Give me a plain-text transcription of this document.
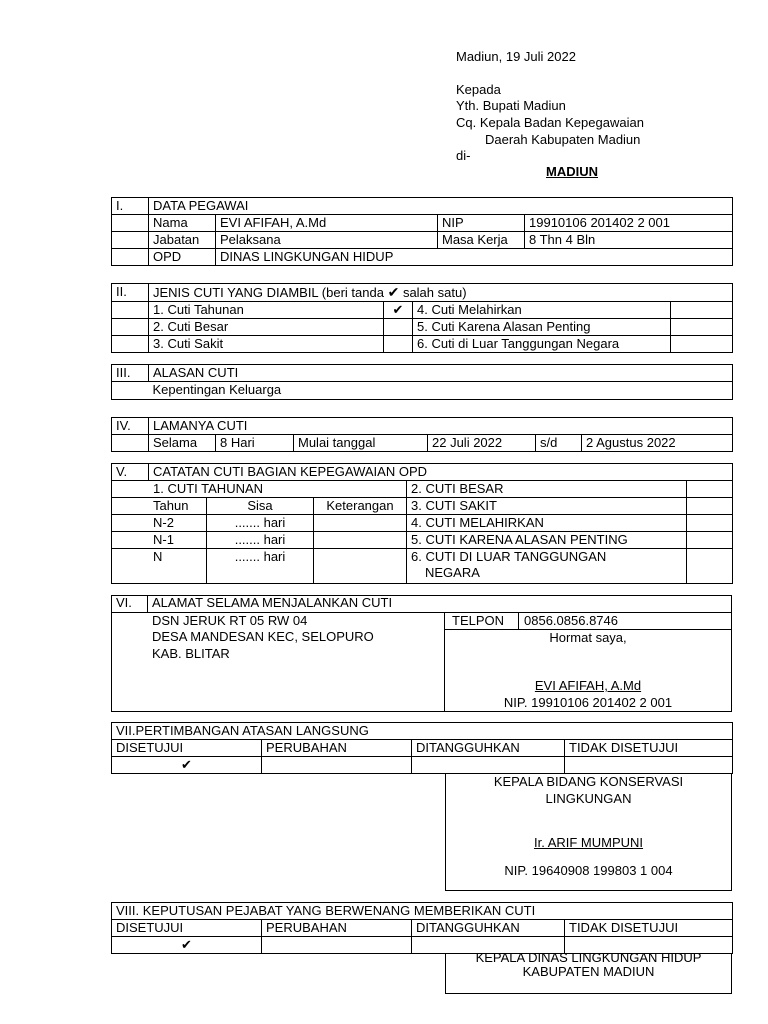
Madiun, 19 Juli 2022
Kepada
Yth. Bupati Madiun
Cq. Kepala Badan Kepegawaian
Daerah Kabupaten Madiun
di-
MADIUN
I.	DATA PEGAWAI			
	Nama	EVI AFIFAH, A.Md	NIP	19910106 201402 2 001
	Jabatan	Pelaksana	Masa Kerja	8 Thn 4 Bln
	OPD	DINAS LINGKUNGAN HIDUP		
II.	JENIS CUTI YANG DIAMBIL (beri tanda ✔ salah satu)			
	1. Cuti Tahunan	✔	4. Cuti Melahirkan	
	2. Cuti Besar		5. Cuti Karena Alasan Penting	
	3. Cuti Sakit		6. Cuti di Luar Tanggungan Negara	
III.	ALASAN CUTI
	Kepentingan Keluarga
IV.	LAMANYA CUTI					
	Selama	8 Hari	Mulai tanggal	22 Juli 2022	s/d	2 Agustus 2022
V.	CATATAN CUTI BAGIAN KEPEGAWAIAN OPD				
1. CUTI TAHUNAN				2. CUTI BESAR	
Tahun		Sisa	Keterangan	3. CUTI SAKIT	
N-2		....... hari		4. CUTI MELAHIRKAN	
N-1		....... hari		5. CUTI KARENA ALASAN PENTING	
N		....... hari		6. CUTI DI LUAR TANGGUNGAN
NEGARA	

VI. ALAMAT SELAMA MENJALANKAN CUTI
DSN JERUK RT 05 RW 04
DESA MANDESAN KEC, SELOPURO
KAB. BLITAR
TELPON 0856.0856.8746
Hormat saya,
EVI AFIFAH, A.Md
NIP. 19910106 201402 2 001
VII.PERTIMBANGAN ATASAN LANGSUNG			
DISETUJUI	PERUBAHAN	DITANGGUHKAN	TIDAK DISETUJUI
✔			
KEPALA BIDANG KONSERVASI
LINGKUNGAN
Ir. ARIF MUMPUNI
NIP. 19640908 199803 1 004
VIII. KEPUTUSAN PEJABAT YANG BERWENANG MEMBERIKAN CUTI			
DISETUJUI	PERUBAHAN	DITANGGUHKAN	TIDAK DISETUJUI
✔			
KEPALA DINAS LINGKUNGAN HIDUP
KABUPATEN MADIUN
